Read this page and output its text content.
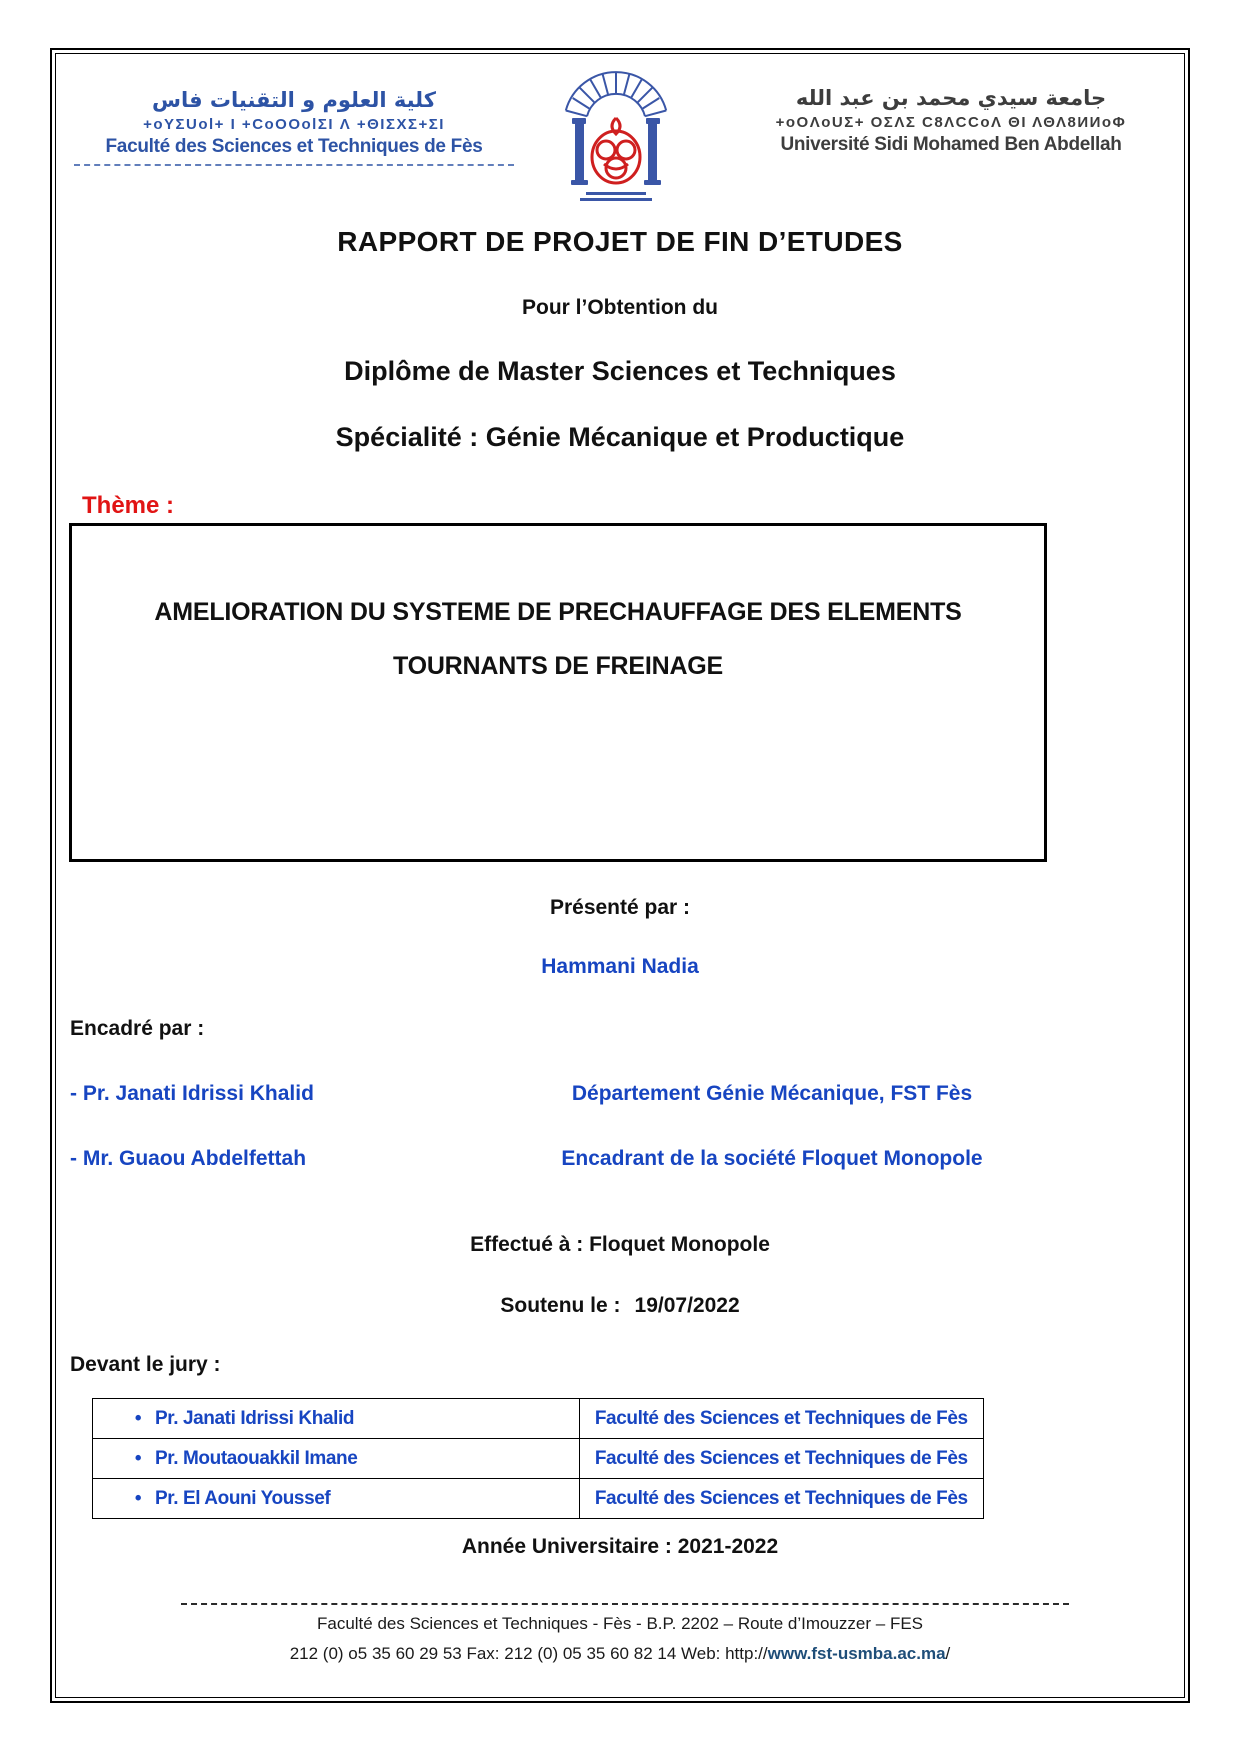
كلية العلوم و التقنيات فاس
+oYΣUol+ I +CoOOolΣI Λ +ΘΙΣΧΣ+ΣΙ
Faculté des Sciences et Techniques de Fès
جامعة سيدي محمد بن عبد الله
+oOΛoUΣ+ OΣΛΣ C8ΛCCoΛ ΘΙ ΛΘΛ8ИИoΦ
Université Sidi Mohamed Ben Abdellah
RAPPORT DE PROJET DE FIN D’ETUDES
Pour l’Obtention du
Diplôme de Master Sciences et Techniques
Spécialité : Génie Mécanique et Productique
Thème :
AMELIORATION DU SYSTEME DE PRECHAUFFAGE DES ELEMENTS
TOURNANTS DE FREINAGE
Présenté par :
Hammani Nadia
Encadré par :
- Pr. Janati Idrissi Khalid	Département Génie Mécanique, FST Fès
- Mr. Guaou Abdelfettah	Encadrant de la société Floquet Monopole
Effectué à : Floquet Monopole
Soutenu le : 19/07/2022
Devant le jury :
• Pr. Janati Idrissi Khalid	Faculté des Sciences et Techniques de Fès
• Pr. Moutaouakkil Imane	Faculté des Sciences et Techniques de Fès
• Pr. El Aouni Youssef	Faculté des Sciences et Techniques de Fès
Année Universitaire : 2021-2022
Faculté des Sciences et Techniques - Fès - B.P. 2202 – Route d’Imouzzer – FES
212 (0) o5 35 60 29 53 Fax: 212 (0) 05 35 60 82 14 Web: http://www.fst-usmba.ac.ma/
